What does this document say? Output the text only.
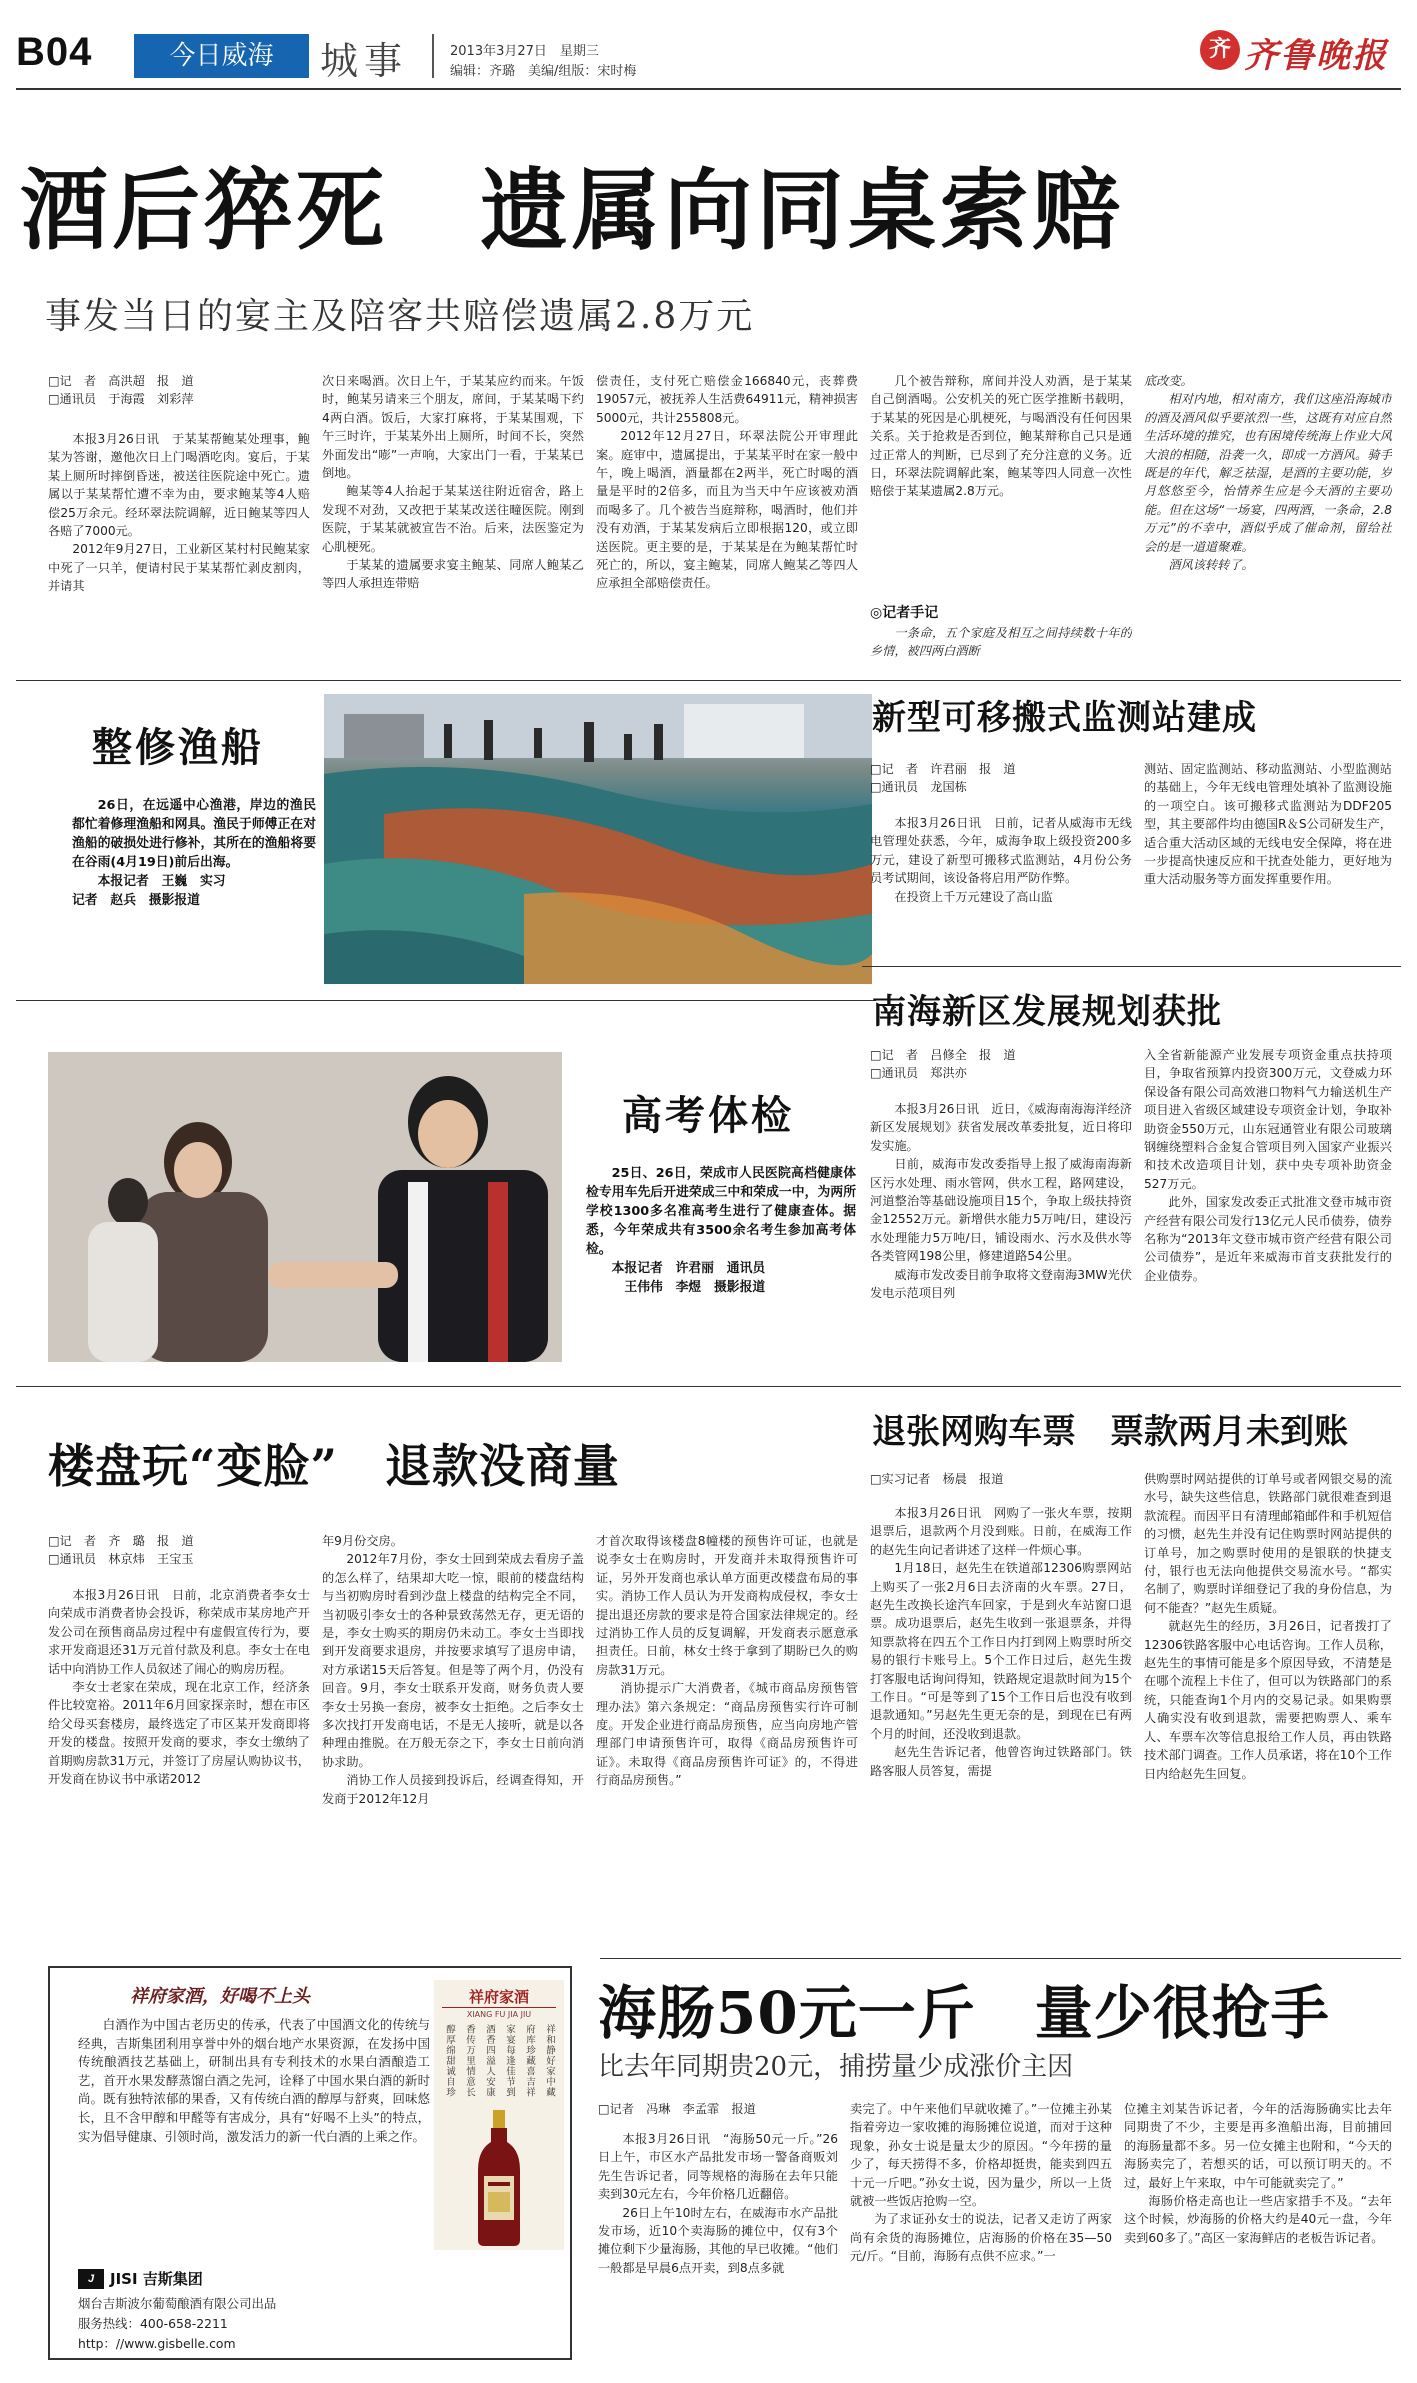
B04	今日威海	城事	2013年3月27日　星期三
编辑：齐璐　美编/组版：宋时梅
齐 齐鲁晚报
酒后猝死　遗属向同桌索赔
事发当日的宴主及陪客共赔偿遗属2.8万元
□记　者　高洪超　报　道
□通讯员　于海霞　刘彩萍

本报3月26日讯　于某某帮鲍某处理事，鲍某为答谢，邀他次日上门喝酒吃肉。宴后，于某某上厕所时摔倒昏迷，被送往医院途中死亡。遗属以于某某帮忙遭不幸为由，要求鲍某等4人赔偿25万余元。经环翠法院调解，近日鲍某等四人各赔了7000元。

2012年9月27日，工业新区某村村民鲍某家中死了一只羊，便请村民于某某帮忙剥皮割肉，并请其

次日来喝酒。次日上午，于某某应约而来。午饭时，鲍某另请来三个朋友，席间，于某某喝下约4两白酒。饭后，大家打麻将，于某某围观，下午三时许，于某某外出上厕所，时间不长，突然外面发出“嘭”一声响，大家出门一看，于某某已倒地。

鲍某等4人抬起于某某送往附近宿舍，路上发现不对劲，又改把于某某改送往疃医院。刚到医院，于某某就被宣告不治。后来，法医鉴定为心肌梗死。

于某某的遗属要求宴主鲍某、同席人鲍某乙等四人承担连带赔

偿责任，支付死亡赔偿金166840元，丧葬费19057元，被抚养人生活费64911元，精神损害5000元，共计255808元。

2012年12月27日，环翠法院公开审理此案。庭审中，遗属提出，于某某平时在家一般中午，晚上喝酒，酒量都在2两半，死亡时喝的酒量是平时的2倍多，而且为当天中午应该被劝酒而喝多了。几个被告当庭辩称，喝酒时，他们并没有劝酒，于某某发病后立即根据120，或立即送医院。更主要的是，于某某是在为鲍某帮忙时死亡的，所以，宴主鲍某，同席人鲍某乙等四人应承担全部赔偿责任。

几个被告辩称，席间并没人劝酒，是于某某自己倒酒喝。公安机关的死亡医学推断书载明，于某某的死因是心肌梗死，与喝酒没有任何因果关系。关于抢救是否到位，鲍某辩称自己只是通过正常人的判断，已尽到了充分注意的义务。近日，环翠法院调解此案，鲍某等四人同意一次性赔偿于某某遗属2.8万元。

◎记者手记

一条命，五个家庭及相互之间持续数十年的乡情，被四两白酒断

底改变。

相对内地，相对南方，我们这座沿海城市的酒及酒风似乎要浓烈一些，这既有对应自然生活环境的推究，也有困境传统海上作业大风大浪的相随，沿袭一久，即成一方酒风。骑手既是的年代，解乏祛湿，是酒的主要功能，岁月悠悠至今，怡情养生应是今天酒的主要功能。但在这场“一场宴，四两酒，一条命，2.8万元”的不幸中，酒似乎成了催命剂，留给社会的是一道道聚难。

酒风该转转了。

整修渔船

26日，在远遥中心渔港，岸边的渔民都忙着修理渔船和网具。渔民于师傅正在对渔船的破损处进行修补，其所在的渔船将要在谷雨(4月19日)前后出海。

本报记者　王巍　实习

记者　赵兵　摄影报道

新型可移搬式监测站建成
□记　者　许君丽　报　道
□通讯员　龙国栋

本报3月26日讯　日前，记者从威海市无线电管理处获悉，今年，威海争取上级投资200多万元，建设了新型可搬移式监测站，4月份公务员考试期间，该设备将启用严防作弊。

在投资上千万元建设了高山监

测站、固定监测站、移动监测站、小型监测站的基础上，今年无线电管理处填补了监测设施的一项空白。该可搬移式监测站为DDF205型，其主要部件均由德国R＆S公司研发生产，适合重大活动区域的无线电安全保障，将在进一步提高快速反应和干扰查处能力，更好地为重大活动服务等方面发挥重要作用。

高考体检

25日、26日，荣成市人民医院高档健康体检专用车先后开进荣成三中和荣成一中，为两所学校1300多名准高考生进行了健康查体。据悉，今年荣成共有3500余名考生参加高考体检。

本报记者　许君丽　通讯员

王伟伟　李煜　摄影报道

南海新区发展规划获批
□记　者　吕修全　报　道
□通讯员　郑洪亦

本报3月26日讯　近日，《威海南海海洋经济新区发展规划》获省发展改革委批复，近日将印发实施。

日前，威海市发改委指导上报了威海南海新区污水处理、雨水管网，供水工程，路网建设，河道整治等基础设施项目15个，争取上级扶持资金12552万元。新增供水能力5万吨/日，建设污水处理能力5万吨/日，铺设雨水、污水及供水等各类管网198公里，修建道路54公里。

威海市发改委目前争取将文登南海3MW光伏发电示范项目列

入全省新能源产业发展专项资金重点扶持项目，争取省预算内投资300万元，文登威力环保设备有限公司高效港口物料气力输送机生产项目进入省级区域建设专项资金计划，争取补助资金550万元，山东冠通管业有限公司玻璃钢缠绕塑料合金复合管项目列入国家产业振兴和技术改造项目计划，获中央专项补助资金527万元。

此外，国家发改委正式批准文登市城市资产经营有限公司发行13亿元人民币债券，债券名称为“2013年文登市城市资产经营有限公司公司债券”，是近年来威海市首支获批发行的企业债券。

楼盘玩“变脸”　退款没商量
□记　者　齐　璐　报　道
□通讯员　林京炜　王宝玉

本报3月26日讯　日前，北京消费者李女士向荣成市消费者协会投诉，称荣成市某房地产开发公司在预售商品房过程中有虚假宣传行为，要求开发商退还31万元首付款及利息。李女士在电话中向消协工作人员叙述了闹心的购房历程。

李女士老家在荣成，现在北京工作，经济条件比较宽裕。2011年6月回家探亲时，想在市区给父母买套楼房，最终选定了市区某开发商即将开发的楼盘。按照开发商的要求，李女士缴纳了首期购房款31万元，并签订了房屋认购协议书，开发商在协议书中承诺2012

年9月份交房。

2012年7月份，李女士回到荣成去看房子盖的怎么样了，结果却大吃一惊，眼前的楼盘结构与当初购房时看到沙盘上楼盘的结构完全不同，当初吸引李女士的各种景致荡然无存，更无语的是，李女士购买的期房仍未动工。李女士当即找到开发商要求退房，并按要求填写了退房申请，对方承诺15天后答复。但是等了两个月，仍没有回音。9月，李女士联系开发商，财务负责人要李女士另换一套房，被李女士拒绝。之后李女士多次找打开发商电话，不是无人接听，就是以各种理由推脱。在万般无奈之下，李女士日前向消协求助。

消协工作人员接到投诉后，经调查得知，开发商于2012年12月

才首次取得该楼盘8幢楼的预售许可证，也就是说李女士在购房时，开发商并未取得预售许可证，另外开发商也承认单方面更改楼盘布局的事实。消协工作人员认为开发商构成侵权，李女士提出退还房款的要求是符合国家法律规定的。经过消协工作人员的反复调解，开发商表示愿意承担责任。日前，林女士终于拿到了期盼已久的购房款31万元。

消协提示广大消费者，《城市商品房预售管理办法》第六条规定：“商品房预售实行许可制度。开发企业进行商品房预售，应当向房地产管理部门申请预售许可，取得《商品房预售许可证》。未取得《商品房预售许可证》的，不得进行商品房预售。”

退张网购车票　票款两月未到账
□实习记者　杨晨　报道

本报3月26日讯　网购了一张火车票，按期退票后，退款两个月没到账。日前，在威海工作的赵先生向记者讲述了这样一件烦心事。

1月18日，赵先生在铁道部12306购票网站上购买了一张2月6日去济南的火车票。27日，赵先生改换长途汽车回家，于是到火车站窗口退票。成功退票后，赵先生收到一张退票条，并得知票款将在四五个工作日内打到网上购票时所交易的银行卡账号上。5个工作日过后，赵先生拨打客服电话询问得知，铁路规定退款时间为15个工作日。“可是等到了15个工作日后也没有收到退款通知。”另赵先生更无奈的是，到现在已有两个月的时间，还没收到退款。

赵先生告诉记者，他曾咨询过铁路部门。铁路客服人员答复，需提

供购票时网站提供的订单号或者网银交易的流水号，缺失这些信息，铁路部门就很难查到退款流程。而因平日有清理邮箱邮件和手机短信的习惯，赵先生并没有记住购票时网站提供的订单号，加之购票时使用的是银联的快捷支付，银行也无法向他提供交易流水号。“都实名制了，购票时详细登记了我的身份信息，为何不能查？”赵先生质疑。

就赵先生的经历，3月26日，记者拨打了12306铁路客服中心电话咨询。工作人员称，赵先生的事情可能是多个原因导致，不清楚是在哪个流程上卡住了，但可以为铁路部门的系统，只能查询1个月内的交易记录。如果购票人确实没有收到退款，需要把购票人、乘车人、车票车次等信息报给工作人员，再由铁路技术部门调查。工作人员承诺，将在10个工作日内给赵先生回复。

祥府家酒，好喝不上头
白酒作为中国古老历史的传承，代表了中国酒文化的传统与经典，吉斯集团利用享誉中外的烟台地产水果资源，在发扬中国传统酿酒技艺基础上，研制出具有专利技术的水果白酒酿造工艺，首开水果发酵蒸馏白酒之先河，诠释了中国水果白酒的新时尚。既有独特浓郁的果香，又有传统白酒的醇厚与舒爽，回味悠长，且不含甲醇和甲醛等有害成分，具有“好喝不上头”的特点，实为倡导健康、引领时尚，激发活力的新一代白酒的上乘之作。
祥府家酒
XIANG FU JIA JIU
祥和静好家中藏
府库珍藏喜吉祥
家宴每逢佳节到
酒香四溢人安康
香传万里情意长
醇厚绵甜诚自珍
J	JISI 吉斯集团
烟台吉斯波尔葡萄酿酒有限公司出品
服务热线：400-658-2211
http：//www.gisbelle.com
海肠50元一斤　量少很抢手
比去年同期贵20元，捕捞量少成涨价主因
□记者　冯琳　李孟霏　报道

本报3月26日讯　“海肠50元一斤。”26日上午，市区水产品批发市场一警备商贩刘先生告诉记者，同等规格的海肠在去年只能卖到30元左右，今年价格几近翻倍。

26日上午10时左右，在威海市水产品批发市场，近10个卖海肠的摊位中，仅有3个摊位剩下少量海肠，其他的早已收摊。“他们一般都是早晨6点开卖，到8点多就

卖完了。中午来他们早就收摊了。”一位摊主孙某指着旁边一家收摊的海肠摊位说道，而对于这种现象，孙女士说是量太少的原因。“今年捞的量少了，每天捞得不多，价格却挺贵，能卖到四五十元一斤吧。”孙女士说，因为量少，所以一上货就被一些饭店抢购一空。

为了求证孙女士的说法，记者又走访了两家尚有余货的海肠摊位，店海肠的价格在35—50元/斤。“目前，海肠有点供不应求。”一

位摊主刘某告诉记者，今年的活海肠确实比去年同期贵了不少，主要是再多渔船出海，目前捕回的海肠量都不多。另一位女摊主也附和，“今天的海肠卖完了，若想买的话，可以预订明天的。不过，最好上午来取，中午可能就卖完了。”

海肠价格走高也让一些店家措手不及。“去年这个时候，炒海肠的价格大约是40元一盘，今年卖到60多了。”高区一家海鲜店的老板告诉记者。
